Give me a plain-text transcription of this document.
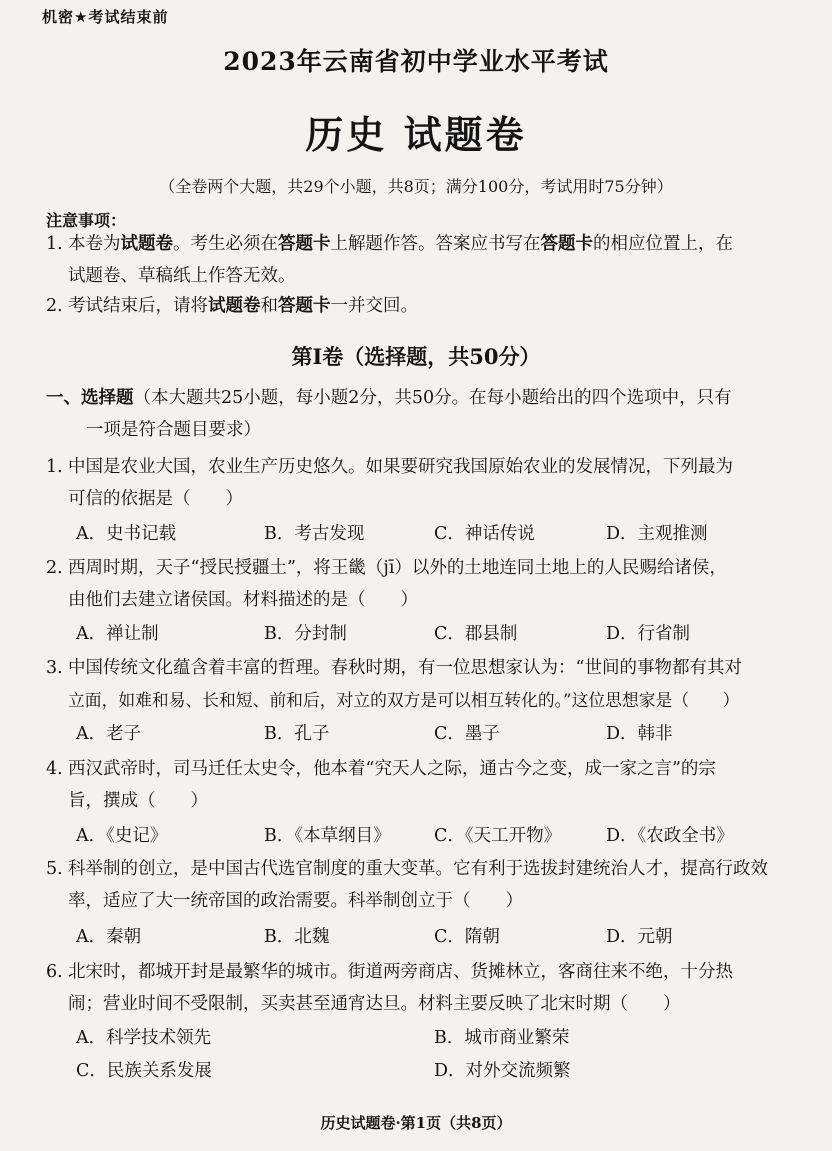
机密★考试结束前
2023年云南省初中学业水平考试
历史 试题卷
（全卷两个大题，共29个小题，共8页；满分100分，考试用时75分钟）
注意事项：
1. 本卷为试题卷。考生必须在答题卡上解题作答。答案应书写在答题卡的相应位置上，在
试题卷、草稿纸上作答无效。
2. 考试结束后，请将试题卷和答题卡一并交回。
第Ⅰ卷（选择题，共50分）
一、选择题（本大题共25小题，每小题2分，共50分。在每小题给出的四个选项中，只有
一项是符合题目要求）
1. 中国是农业大国，农业生产历史悠久。如果要研究我国原始农业的发展情况，下列最为
可信的依据是（　　）
A．史书记载	B．考古发现	C．神话传说	D．主观推测
2. 西周时期，天子“授民授疆土”，将王畿（jī）以外的土地连同土地上的人民赐给诸侯，
由他们去建立诸侯国。材料描述的是（　　）
A．禅让制	B．分封制	C．郡县制	D．行省制
3. 中国传统文化蕴含着丰富的哲理。春秋时期，有一位思想家认为：“世间的事物都有其对
立面，如难和易、长和短、前和后，对立的双方是可以相互转化的。”这位思想家是（　　）
A．老子	B．孔子	C．墨子	D．韩非
4. 西汉武帝时，司马迁任太史令，他本着“究天人之际，通古今之变，成一家之言”的宗
旨，撰成（　　）
A．《史记》	B．《本草纲目》 C．《天工开物》	D．《农政全书》
5. 科举制的创立，是中国古代选官制度的重大变革。它有利于选拔封建统治人才，提高行政效
率，适应了大一统帝国的政治需要。科举制创立于（　　）
A．秦朝	B．北魏	C．隋朝	D．元朝
6. 北宋时，都城开封是最繁华的城市。街道两旁商店、货摊林立，客商往来不绝，十分热
闹；营业时间不受限制，买卖甚至通宵达旦。材料主要反映了北宋时期（　　）
A．科学技术领先	B．城市商业繁荣
C．民族关系发展	D．对外交流频繁
历史试题卷·第1页（共8页）
